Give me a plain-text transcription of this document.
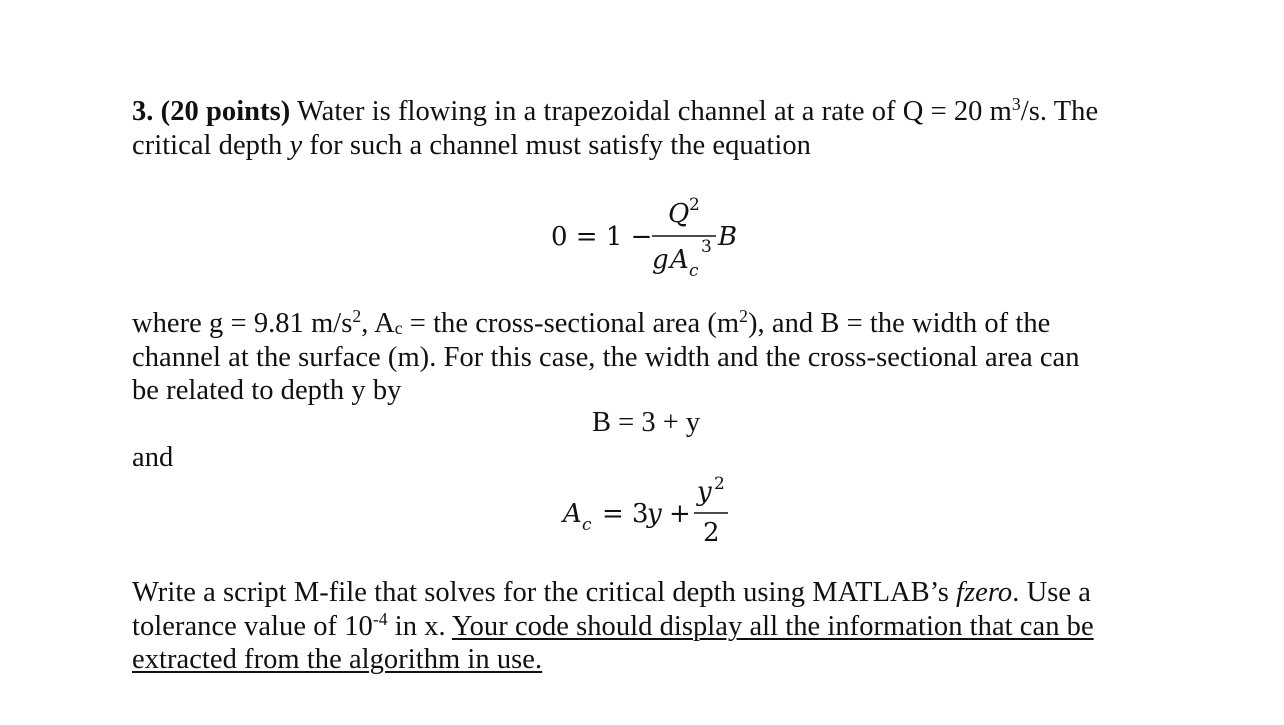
3. (20 points) Water is flowing in a trapezoidal channel at a rate of Q = 20 $m^3/s$. The
critical depth y for such a channel must satisfy the equation
0 = 1 −
Q 2
g A c
3 B
where g = 9.81 $m/s^2$, $A_c$ = the cross-sectional area $(m^2)$, and B = the width of the
channel at the surface (m). For this case, the width and the cross-sectional area can
be related to depth y by
B = 3 + y
and
A c = 3
y +
y 2
2
Write a script M-file that solves for the critical depth using MATLAB’s fzero. Use a
tolerance value of $10^{-4}$ in x. Your code should display all the information that can be
extracted from the algorithm in use.
